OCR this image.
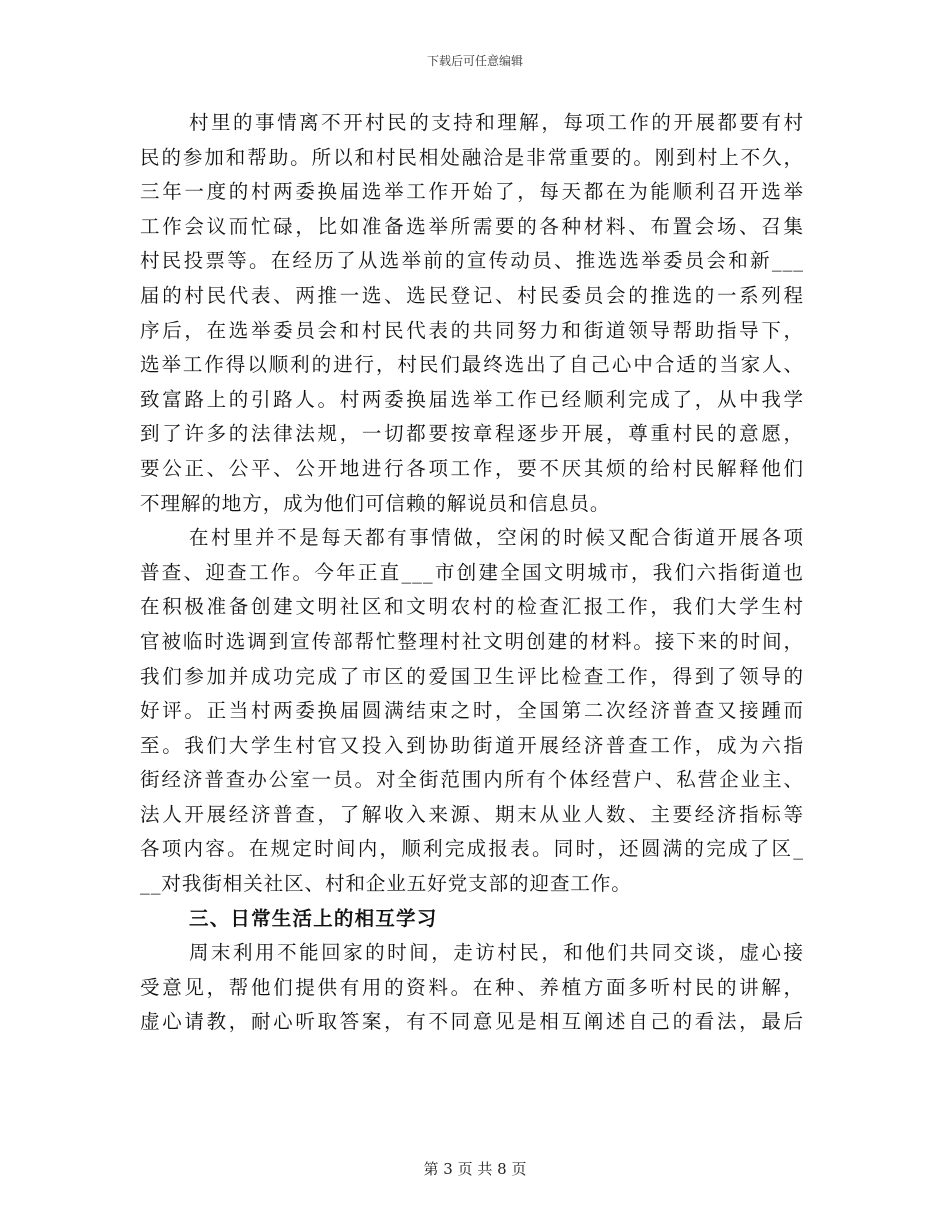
下载后可任意编辑
村里的事情离不开村民的支持和理解，每项工作的开展都要有村
民的参加和帮助。所以和村民相处融洽是非常重要的。刚到村上不久，
三年一度的村两委换届选举工作开始了，每天都在为能顺利召开选举
工作会议而忙碌，比如准备选举所需要的各种材料、布置会场、召集
村民投票等。在经历了从选举前的宣传动员、推选选举委员会和新___
届的村民代表、两推一选、选民登记、村民委员会的推选的一系列程
序后，在选举委员会和村民代表的共同努力和街道领导帮助指导下，
选举工作得以顺利的进行，村民们最终选出了自己心中合适的当家人、
致富路上的引路人。村两委换届选举工作已经顺利完成了，从中我学
到了许多的法律法规，一切都要按章程逐步开展，尊重村民的意愿，
要公正、公平、公开地进行各项工作，要不厌其烦的给村民解释他们
不理解的地方，成为他们可信赖的解说员和信息员。
在村里并不是每天都有事情做，空闲的时候又配合街道开展各项
普查、迎查工作。今年正直___市创建全国文明城市，我们六指街道也
在积极准备创建文明社区和文明农村的检查汇报工作，我们大学生村
官被临时选调到宣传部帮忙整理村社文明创建的材料。接下来的时间，
我们参加并成功完成了市区的爱国卫生评比检查工作，得到了领导的
好评。正当村两委换届圆满结束之时，全国第二次经济普查又接踵而
至。我们大学生村官又投入到协助街道开展经济普查工作，成为六指
街经济普查办公室一员。对全街范围内所有个体经营户、私营企业主、
法人开展经济普查，了解收入来源、期末从业人数、主要经济指标等
各项内容。在规定时间内，顺利完成报表。同时，还圆满的完成了区_
__对我街相关社区、村和企业五好党支部的迎查工作。
三、日常生活上的相互学习
周末利用不能回家的时间，走访村民，和他们共同交谈，虚心接
受意见，帮他们提供有用的资料。在种、养植方面多听村民的讲解，
虚心请教，耐心听取答案，有不同意见是相互阐述自己的看法，最后
第 3 页 共 8 页
